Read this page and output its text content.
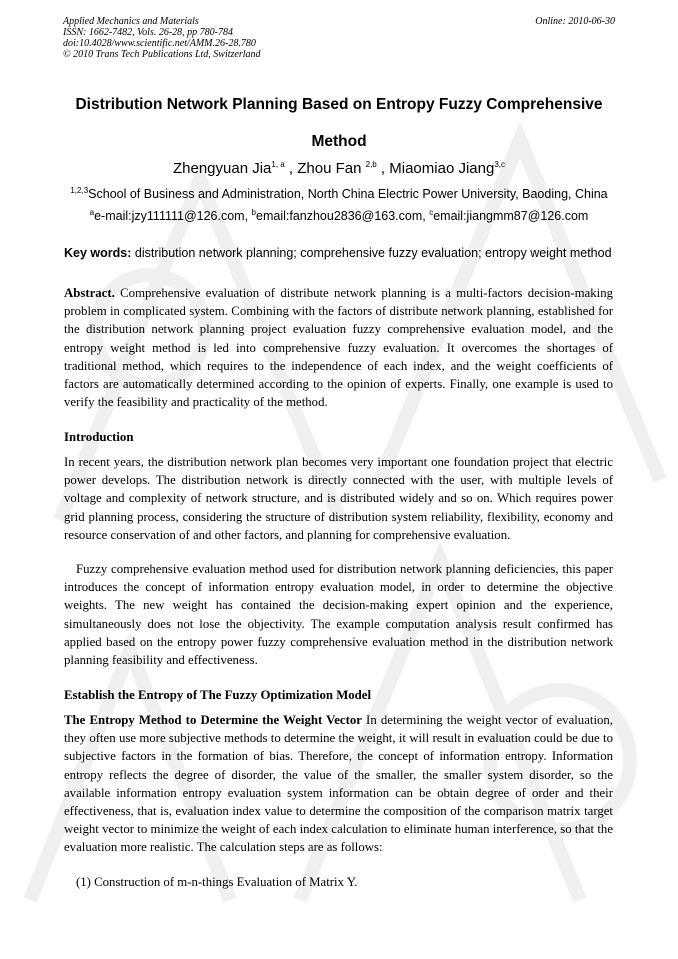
Applied Mechanics and Materials
ISSN: 1662-7482, Vols. 26-28, pp 780-784
doi:10.4028/www.scientific.net/AMM.26-28.780
© 2010 Trans Tech Publications Ltd, Switzerland
Online: 2010-06-30
Distribution Network Planning Based on Entropy Fuzzy Comprehensive
Method
Zhengyuan Jia$^{1, a}$ , Zhou Fan $^{2,b}$ , Miaomiao Jiang$^{3,c}$
$^{1,2,3}$School of Business and Administration, North China Electric Power University, Baoding, China
$^a$e-mail:jzy111111@126.com, $^b$email:fanzhou2836@163.com, $^c$email:jiangmm87@126.com
Key words: distribution network planning; comprehensive fuzzy evaluation; entropy weight method

Abstract. Comprehensive evaluation of distribute network planning is a multi-factors decision-making problem in complicated system. Combining with the factors of distribute network planning, established for the distribution network planning project evaluation fuzzy comprehensive evaluation model, and the entropy weight method is led into comprehensive fuzzy evaluation. It overcomes the shortages of traditional method, which requires to the independence of each index, and the weight coefficients of factors are automatically determined according to the opinion of experts. Finally, one example is used to verify the feasibility and practicality of the method.

Introduction

In recent years, the distribution network plan becomes very important one foundation project that electric power develops. The distribution network is directly connected with the user, with multiple levels of voltage and complexity of network structure, and is distributed widely and so on. Which requires power grid planning process, considering the structure of distribution system reliability, flexibility, economy and resource conservation of and other factors, and planning for comprehensive evaluation.

Fuzzy comprehensive evaluation method used for distribution network planning deficiencies, this paper introduces the concept of information entropy evaluation model, in order to determine the objective weights. The new weight has contained the decision-making expert opinion and the experience, simultaneously does not lose the objectivity. The example computation analysis result confirmed has applied based on the entropy power fuzzy comprehensive evaluation method in the distribution network planning feasibility and effectiveness.

Establish the Entropy of The Fuzzy Optimization Model

The Entropy Method to Determine the Weight Vector In determining the weight vector of evaluation, they often use more subjective methods to determine the weight, it will result in evaluation could be due to subjective factors in the formation of bias. Therefore, the concept of information entropy. Information entropy reflects the degree of disorder, the value of the smaller, the smaller system disorder, so the available information entropy evaluation system information can be obtain degree of order and their effectiveness, that is, evaluation index value to determine the composition of the comparison matrix target weight vector to minimize the weight of each index calculation to eliminate human interference, so that the evaluation more realistic. The calculation steps are as follows:

(1) Construction of m-n-things Evaluation of Matrix Y.
